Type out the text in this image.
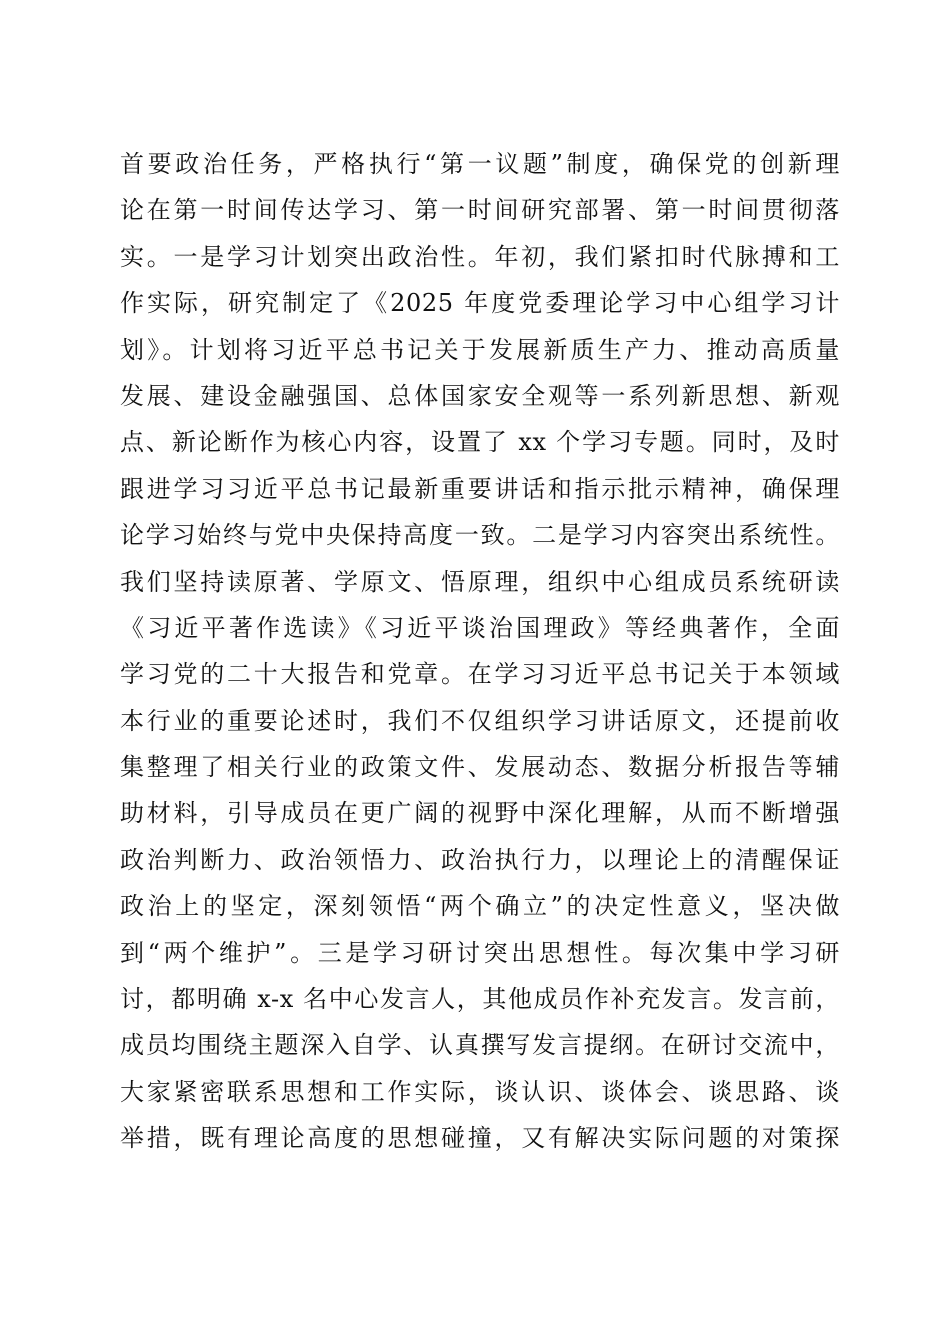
首要政治任务，严格执行“第一议题”制度，确保党的创新理
论在第一时间传达学习、第一时间研究部署、第一时间贯彻落
实。一是学习计划突出政治性。年初，我们紧扣时代脉搏和工
作实际，研究制定了《2025 年度党委理论学习中心组学习计
划》。计划将习近平总书记关于发展新质生产力、推动高质量
发展、建设金融强国、总体国家安全观等一系列新思想、新观
点、新论断作为核心内容，设置了 xx 个学习专题。同时，及时
跟进学习习近平总书记最新重要讲话和指示批示精神，确保理
论学习始终与党中央保持高度一致。二是学习内容突出系统性。
我们坚持读原著、学原文、悟原理，组织中心组成员系统研读
《习近平著作选读》《习近平谈治国理政》等经典著作，全面
学习党的二十大报告和党章。在学习习近平总书记关于本领域
本行业的重要论述时，我们不仅组织学习讲话原文，还提前收
集整理了相关行业的政策文件、发展动态、数据分析报告等辅
助材料，引导成员在更广阔的视野中深化理解，从而不断增强
政治判断力、政治领悟力、政治执行力，以理论上的清醒保证
政治上的坚定，深刻领悟“两个确立”的决定性意义，坚决做
到“两个维护”。三是学习研讨突出思想性。每次集中学习研
讨，都明确 x-x 名中心发言人，其他成员作补充发言。发言前，
成员均围绕主题深入自学、认真撰写发言提纲。在研讨交流中，
大家紧密联系思想和工作实际，谈认识、谈体会、谈思路、谈
举措，既有理论高度的思想碰撞，又有解决实际问题的对策探
